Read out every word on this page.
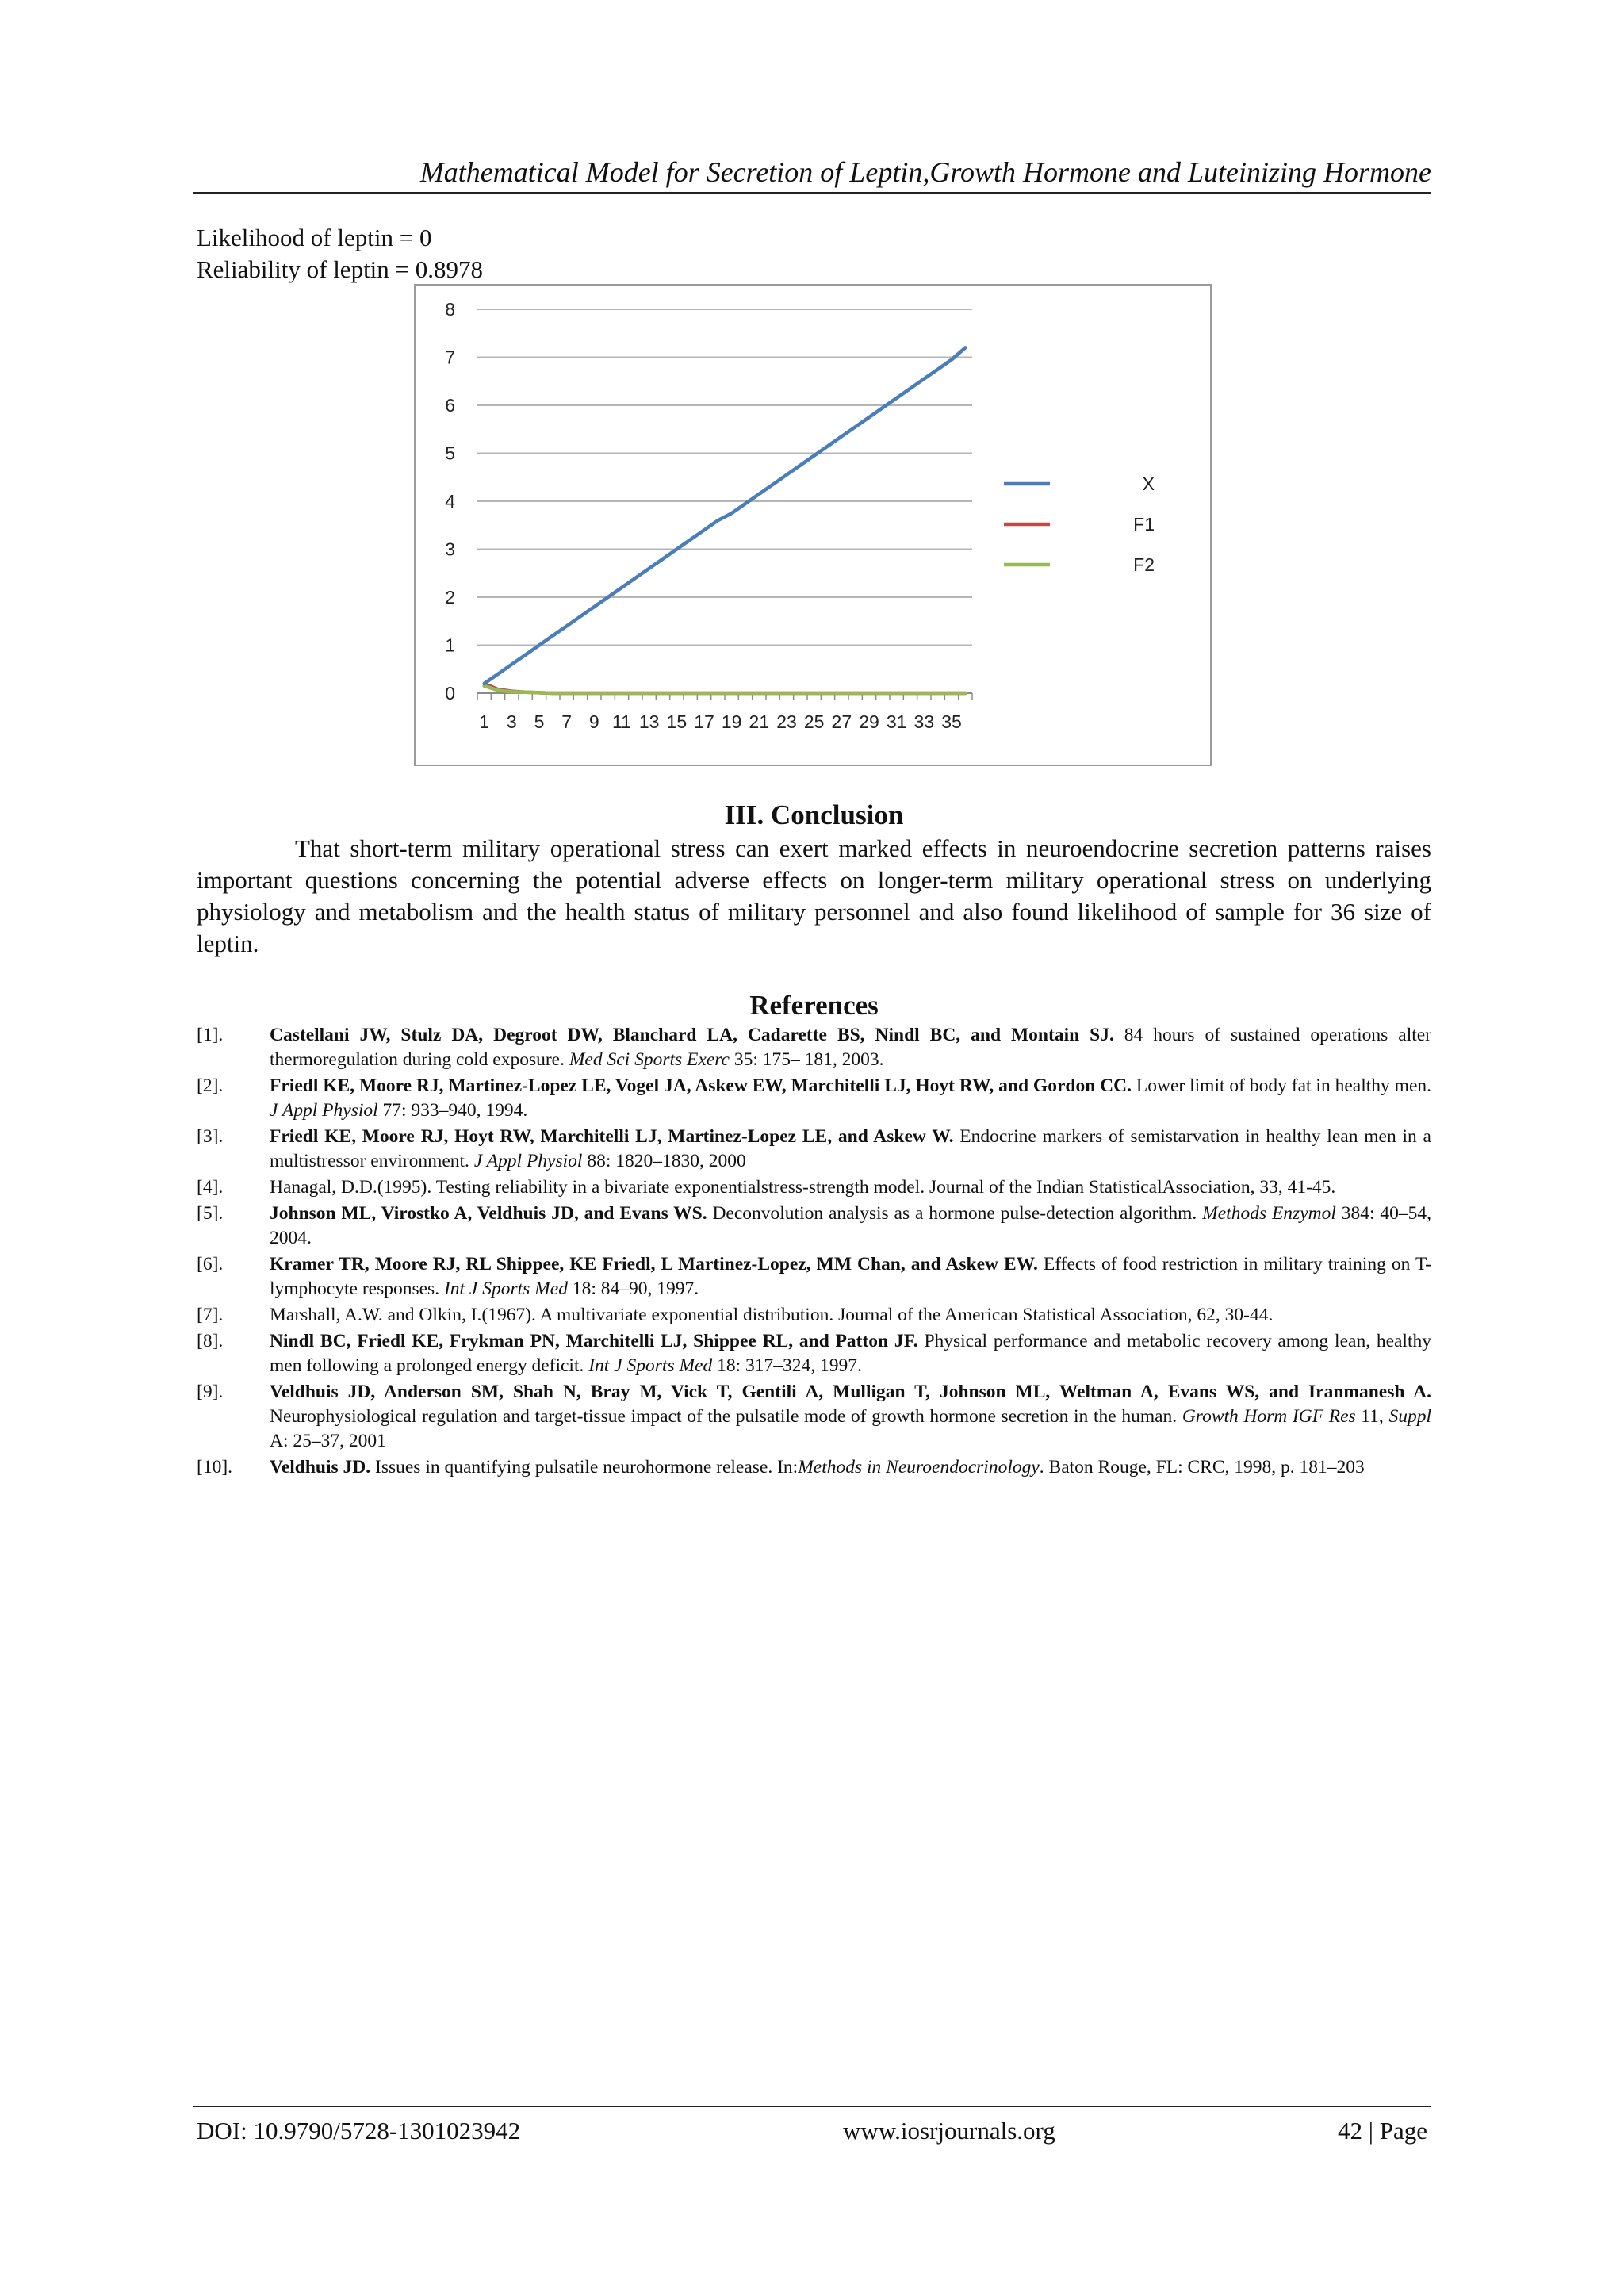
Mathematical Model for Secretion of Leptin,Growth Hormone and Luteinizing Hormone
Likelihood of leptin = 0
Reliability of leptin = 0.8978
0
1
2
3
4
5
6
7
8
1 3 5 7 9 11 13 15 17 19 21 23 25 27 29 31 33 35
X
F1
F2
III. Conclusion

That short-term military operational stress can exert marked effects in neuroendocrine secretion patterns raises important questions concerning the potential adverse effects on longer-term military operational stress on underlying physiology and metabolism and the health status of military personnel and also found likelihood of sample for 36 size of leptin.

References
[1]. Castellani JW, Stulz DA, Degroot DW, Blanchard LA, Cadarette BS, Nindl BC, and Montain SJ. 84 hours of sustained operations alter thermoregulation during cold exposure. Med Sci Sports Exerc 35: 175– 181, 2003.
[2]. Friedl KE, Moore RJ, Martinez-Lopez LE, Vogel JA, Askew EW, Marchitelli LJ, Hoyt RW, and Gordon CC. Lower limit of body fat in healthy men. J Appl Physiol 77: 933–940, 1994.
[3]. Friedl KE, Moore RJ, Hoyt RW, Marchitelli LJ, Martinez-Lopez LE, and Askew W. Endocrine markers of semistarvation in healthy lean men in a multistressor environment. J Appl Physiol 88: 1820–1830, 2000
[4]. Hanagal, D.D.(1995). Testing reliability in a bivariate exponentialstress-strength model. Journal of the Indian StatisticalAssociation, 33, 41-45.
[5]. Johnson ML, Virostko A, Veldhuis JD, and Evans WS. Deconvolution analysis as a hormone pulse-detection algorithm. Methods Enzymol 384: 40–54, 2004.
[6]. Kramer TR, Moore RJ, RL Shippee, KE Friedl, L Martinez-Lopez, MM Chan, and Askew EW. Effects of food restriction in military training on T-lymphocyte responses. Int J Sports Med 18: 84–90, 1997.
[7]. Marshall, A.W. and Olkin, I.(1967). A multivariate exponential distribution. Journal of the American Statistical Association, 62, 30-44.
[8]. Nindl BC, Friedl KE, Frykman PN, Marchitelli LJ, Shippee RL, and Patton JF. Physical performance and metabolic recovery among lean, healthy men following a prolonged energy deficit. Int J Sports Med 18: 317–324, 1997.
[9]. Veldhuis JD, Anderson SM, Shah N, Bray M, Vick T, Gentili A, Mulligan T, Johnson ML, Weltman A, Evans WS, and Iranmanesh A. Neurophysiological regulation and target-tissue impact of the pulsatile mode of growth hormone secretion in the human. Growth Horm IGF Res 11, Suppl A: 25–37, 2001
[10]. Veldhuis JD. Issues in quantifying pulsatile neurohormone release. In:Methods in Neuroendocrinology. Baton Rouge, FL: CRC, 1998, p. 181–203
DOI: 10.9790/5728-1301023942	www.iosrjournals.org	42 | Page
